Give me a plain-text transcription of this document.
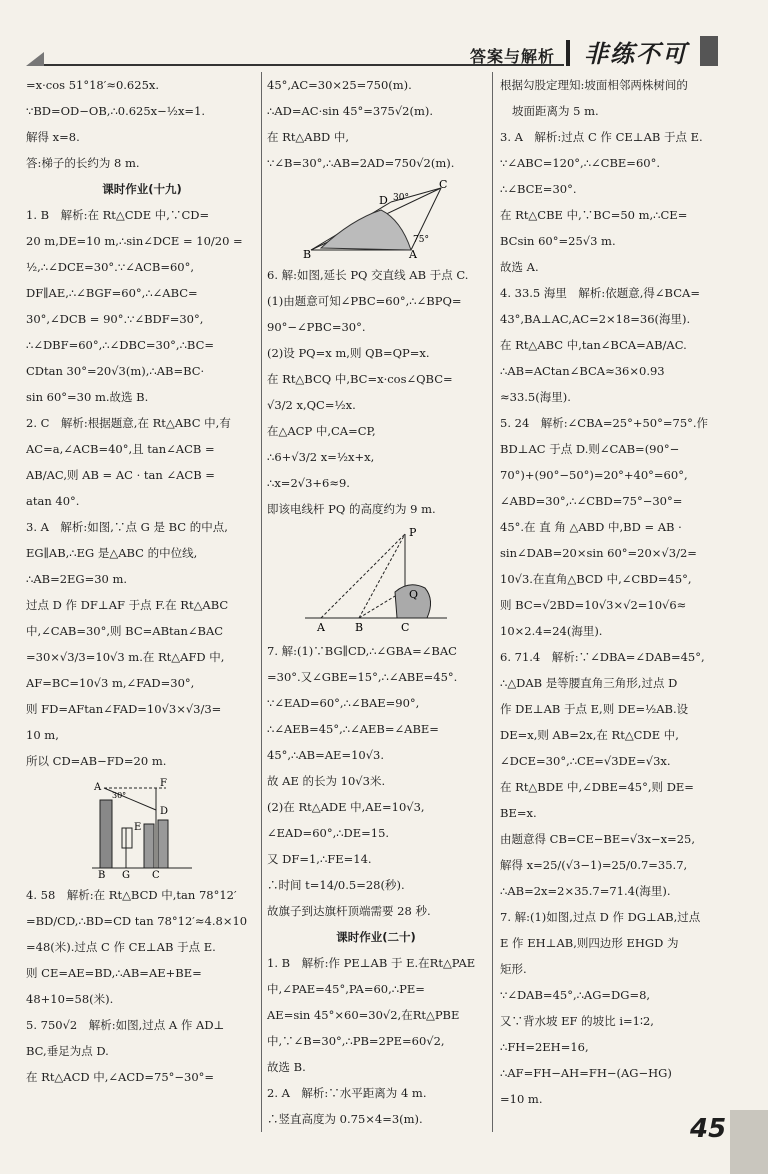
答案与解析 非练不可
=x·cos 51°18′≈0.625x.
∵BD=OD−OB,∴0.625x−½x=1.
解得 x=8.
答:梯子的长约为 8 m.
课时作业(十九)
1. B　解析:在 Rt△CDE 中,∵CD=
20 m,DE=10 m,∴sin∠DCE = 10/20 =
½,∴∠DCE=30°.∵∠ACB=60°,
DF∥AE,∴∠BGF=60°,∴∠ABC=
30°,∠DCB = 90°.∵∠BDF=30°,
∴∠DBF=60°,∴∠DBC=30°,∴BC=
CDtan 30°=20√3(m),∴AB=BC·
sin 60°=30 m.故选 B.
2. C　解析:根据题意,在 Rt△ABC 中,有
AC=a,∠ACB=40°,且 tan∠ACB =
AB/AC,则 AB = AC · tan ∠ACB =
atan 40°.
3. A　解析:如图,∵点 G 是 BC 的中点,
EG∥AB,∴EG 是△ABC 的中位线,
∴AB=2EG=30 m.
过点 D 作 DF⊥AF 于点 F.在 Rt△ABC
中,∠CAB=30°,则 BC=ABtan∠BAC
=30×√3/3=10√3 m.在 Rt△AFD 中,
AF=BC=10√3 m,∠FAD=30°,
则 FD=AFtan∠FAD=10√3×√3/3=
10 m,
所以 CD=AB−FD=20 m.
A
30°
F
E
D
B G C
4. 58　解析:在 Rt△BCD 中,tan 78°12′
=BD/CD,∴BD=CD tan 78°12′≈4.8×10
=48(米).过点 C 作 CE⊥AB 于点 E.
则 CE=AE=BD,∴AB=AE+BE=
48+10=58(米).
5. 750√2　解析:如图,过点 A 作 AD⊥
BC,垂足为点 D.
在 Rt△ACD 中,∠ACD=75°−30°=
45°,AC=30×25=750(m).
∴AD=AC·sin 45°=375√2(m).
在 Rt△ABD 中,
∵∠B=30°,∴AB=2AD=750√2(m).
D 30°
C
75°
B	A
6. 解:如图,延长 PQ 交直线 AB 于点 C.
(1)由题意可知∠PBC=60°,∴∠BPQ=
90°−∠PBC=30°.
(2)设 PQ=x m,则 QB=QP=x.
在 Rt△BCQ 中,BC=x·cos∠QBC=
√3/2 x,QC=½x.
在△ACP 中,CA=CP,
∴6+√3/2 x=½x+x,
∴x=2√3+6≈9.
即该电线杆 PQ 的高度约为 9 m.
P
Q
A	B	C
7. 解:(1)∵BG∥CD,∴∠GBA=∠BAC
=30°.又∠GBE=15°,∴∠ABE=45°.
∵∠EAD=60°,∴∠BAE=90°,
∴∠AEB=45°,∴∠AEB=∠ABE=
45°,∴AB=AE=10√3.
故 AE 的长为 10√3米.
(2)在 Rt△ADE 中,AE=10√3,
∠EAD=60°,∴DE=15.
又 DF=1,∴FE=14.
∴时间 t=14/0.5=28(秒).
故旗子到达旗杆顶端需要 28 秒.
课时作业(二十)
1. B　解析:作 PE⊥AB 于 E.在Rt△PAE
中,∠PAE=45°,PA=60,∴PE=
AE=sin 45°×60=30√2,在Rt△PBE
中,∵∠B=30°,∴PB=2PE=60√2,
故选 B.
2. A　解析:∵水平距离为 4 m.
∴竖直高度为 0.75×4=3(m).
根据勾股定理知:坡面相邻两株树间的
坡面距离为 5 m.
3. A　解析:过点 C 作 CE⊥AB 于点 E.
∵∠ABC=120°,∴∠CBE=60°.
∴∠BCE=30°.
在 Rt△CBE 中,∵BC=50 m,∴CE=
BCsin 60°=25√3 m.
故选 A.
4. 33.5 海里　解析:依题意,得∠BCA=
43°,BA⊥AC,AC=2×18=36(海里).
在 Rt△ABC 中,tan∠BCA=AB/AC.
∴AB=ACtan∠BCA≈36×0.93
≈33.5(海里).
5. 24　解析:∠CBA=25°+50°=75°.作
BD⊥AC 于点 D.则∠CAB=(90°−
70°)+(90°−50°)=20°+40°=60°,
∠ABD=30°,∴∠CBD=75°−30°=
45°.在 直 角 △ABD 中,BD = AB ·
sin∠DAB=20×sin 60°=20×√3/2=
10√3.在直角△BCD 中,∠CBD=45°,
则 BC=√2BD=10√3×√2=10√6≈
10×2.4=24(海里).
6. 71.4　解析:∵∠DBA=∠DAB=45°,
∴△DAB 是等腰直角三角形,过点 D
作 DE⊥AB 于点 E,则 DE=½AB.设
DE=x,则 AB=2x,在 Rt△CDE 中,
∠DCE=30°,∴CE=√3DE=√3x.
在 Rt△BDE 中,∠DBE=45°,则 DE=
BE=x.
由题意得 CB=CE−BE=√3x−x=25,
解得 x=25/(√3−1)=25/0.7=35.7,
∴AB=2x=2×35.7=71.4(海里).
7. 解:(1)如图,过点 D 作 DG⊥AB,过点
E 作 EH⊥AB,则四边形 EHGD 为
矩形.
∵∠DAB=45°,∴AG=DG=8,
又∵背水坡 EF 的坡比 i=1∶2,
∴FH=2EH=16,
∴AF=FH−AH=FH−(AG−HG)
=10 m.
45
